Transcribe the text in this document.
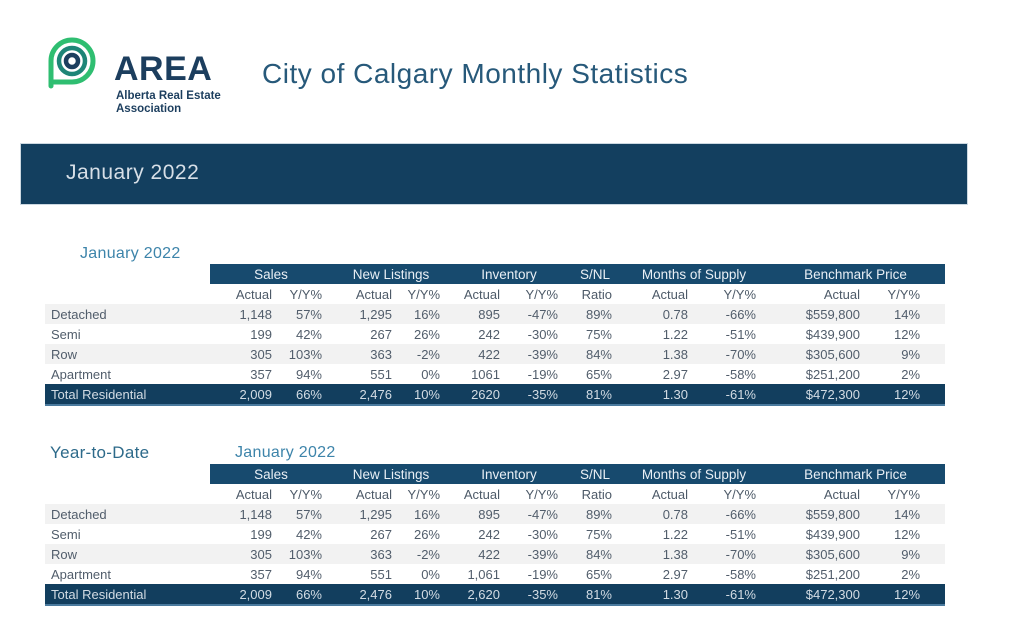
AREA
Alberta Real Estate
Association
City of Calgary Monthly Statistics
January 2022
January 2022
	Sales		New Listings		Inventory		S/NL	Months of Supply		Benchmark Price	
	Actual	Y/Y%	Actual	Y/Y%	Actual	Y/Y%	Ratio	Actual	Y/Y%	Actual	Y/Y%
Detached	1,148	57%	1,295	16%	895	-47%	89%	0.78	-66%	$559,800	14%
Semi	199	42%	267	26%	242	-30%	75%	1.22	-51%	$439,900	12%
Row	305	103%	363	-2%	422	-39%	84%	1.38	-70%	$305,600	9%
Apartment	357	94%	551	0%	1061	-19%	65%	2.97	-58%	$251,200	2%
Total Residential	2,009	66%	2,476	10%	2620	-35%	81%	1.30	-61%	$472,300	12%
Year-to-Date	January 2022
	Sales		New Listings		Inventory		S/NL	Months of Supply		Benchmark Price	
	Actual	Y/Y%	Actual	Y/Y%	Actual	Y/Y%	Ratio	Actual	Y/Y%	Actual	Y/Y%
Detached	1,148	57%	1,295	16%	895	-47%	89%	0.78	-66%	$559,800	14%
Semi	199	42%	267	26%	242	-30%	75%	1.22	-51%	$439,900	12%
Row	305	103%	363	-2%	422	-39%	84%	1.38	-70%	$305,600	9%
Apartment	357	94%	551	0%	1,061	-19%	65%	2.97	-58%	$251,200	2%
Total Residential	2,009	66%	2,476	10%	2,620	-35%	81%	1.30	-61%	$472,300	12%
